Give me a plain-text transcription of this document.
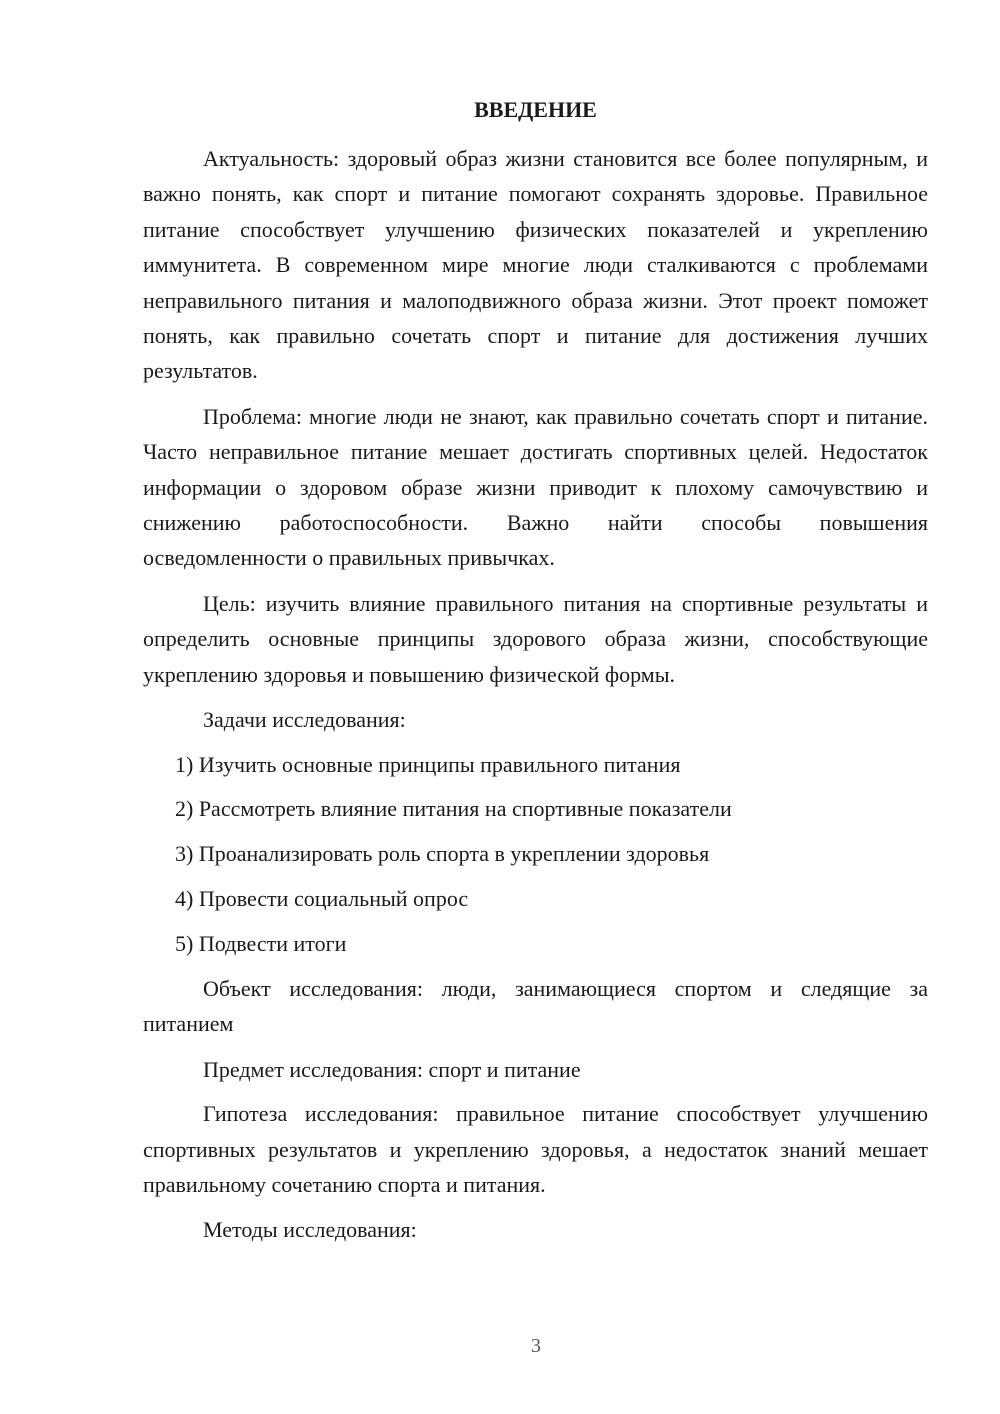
ВВЕДЕНИЕ

Актуальность: здоровый образ жизни становится все более популярным, и важно понять, как спорт и питание помогают сохранять здоровье. Правильное питание способствует улучшению физических показателей и укреплению иммунитета. В современном мире многие люди сталкиваются с проблемами неправильного питания и малоподвижного образа жизни. Этот проект поможет понять, как правильно сочетать спорт и питание для достижения лучших результатов.

Проблема: многие люди не знают, как правильно сочетать спорт и питание. Часто неправильное питание мешает достигать спортивных целей. Недостаток информации о здоровом образе жизни приводит к плохому самочувствию и снижению работоспособности. Важно найти способы повышения осведомленности о правильных привычках.

Цель: изучить влияние правильного питания на спортивные результаты и определить основные принципы здорового образа жизни, способствующие укреплению здоровья и повышению физической формы.

Задачи исследования:

1) Изучить основные принципы правильного питания
2) Рассмотреть влияние питания на спортивные показатели
3) Проанализировать роль спорта в укреплении здоровья
4) Провести социальный опрос
5) Подвести итоги

Объект исследования: люди, занимающиеся спортом и следящие за питанием

Предмет исследования: спорт и питание

Гипотеза исследования: правильное питание способствует улучшению спортивных результатов и укреплению здоровья, а недостаток знаний мешает правильному сочетанию спорта и питания.

Методы исследования:

3
